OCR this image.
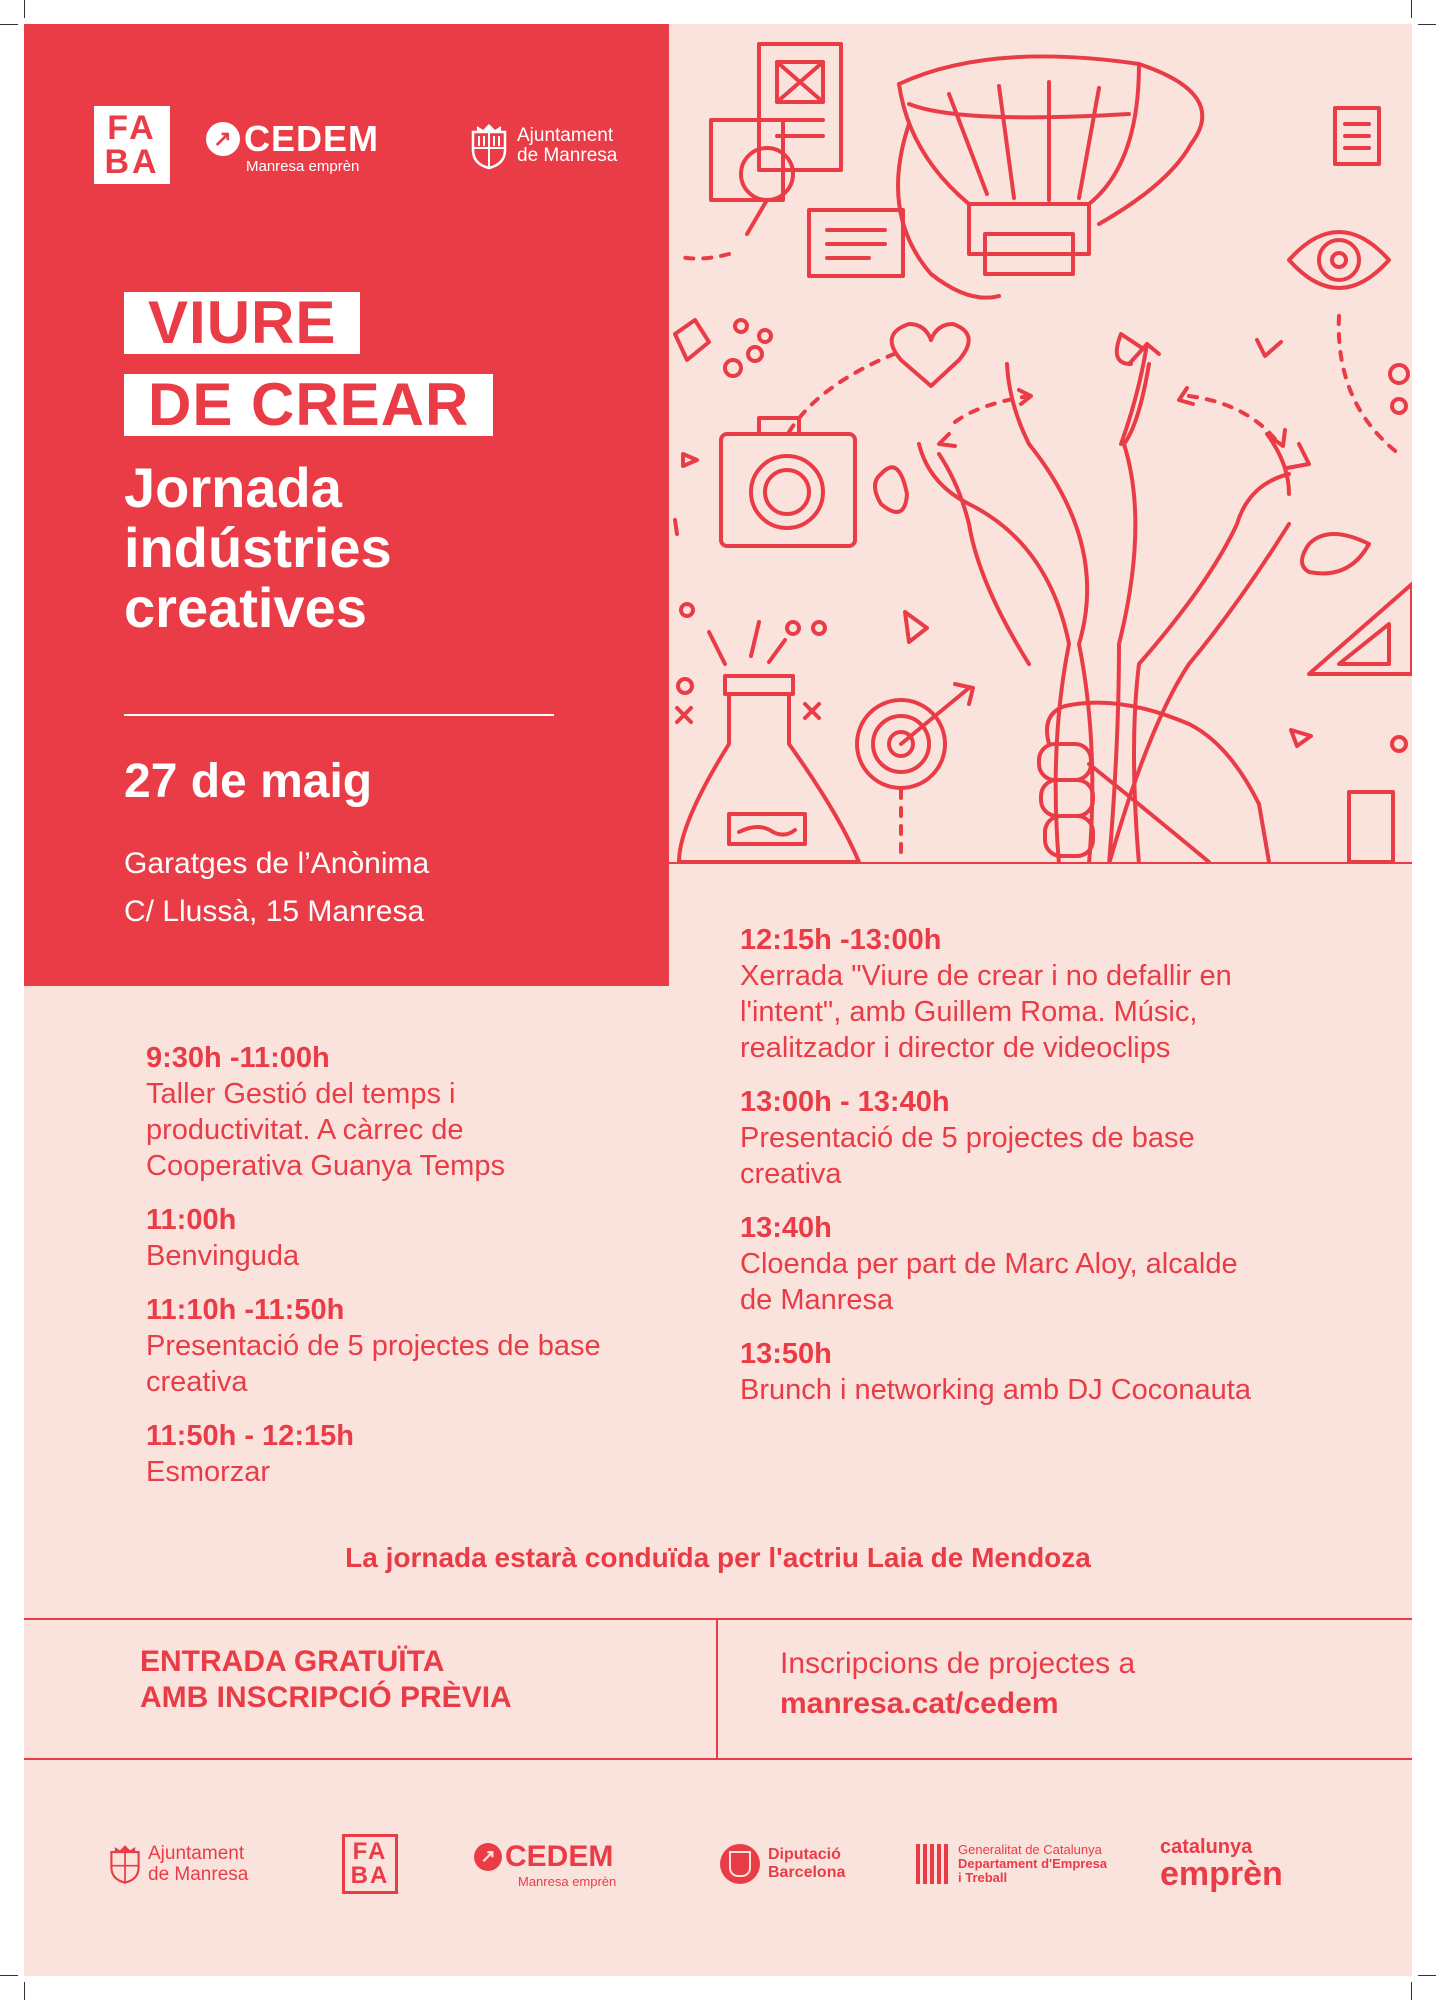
FA BA
↗ CEDEM
Manresa emprèn
Ajuntament
de Manresa
VIURE
DE CREAR
Jornada indústries creatives
27 de maig
Garatges de l’Anònima
C/ Llussà, 15 Manresa
9:30h -11:00h
Taller Gestió del temps i productivitat. A càrrec de Cooperativa Guanya Temps
11:00h
Benvinguda
11:10h -11:50h
Presentació de 5 projectes de base creativa
11:50h - 12:15h
Esmorzar
12:15h -13:00h
Xerrada "Viure de crear i no defallir en l'intent", amb Guillem Roma. Músic, realitzador i director de videoclips
13:00h - 13:40h
Presentació de 5 projectes de base creativa
13:40h
Cloenda per part de Marc Aloy, alcalde de Manresa
13:50h
Brunch i networking amb DJ Coconauta
La jornada estarà conduïda per l'actriu Laia de Mendoza
ENTRADA GRATUÏTA
AMB INSCRIPCIÓ PRÈVIA
Inscripcions de projectes a
manresa.cat/cedem
Ajuntament
de Manresa
FA BA
↗ CEDEM
Manresa emprèn
Diputació
Barcelona
Generalitat de Catalunya
Departament d'Empresa
i Treball
catalunya
emprèn
